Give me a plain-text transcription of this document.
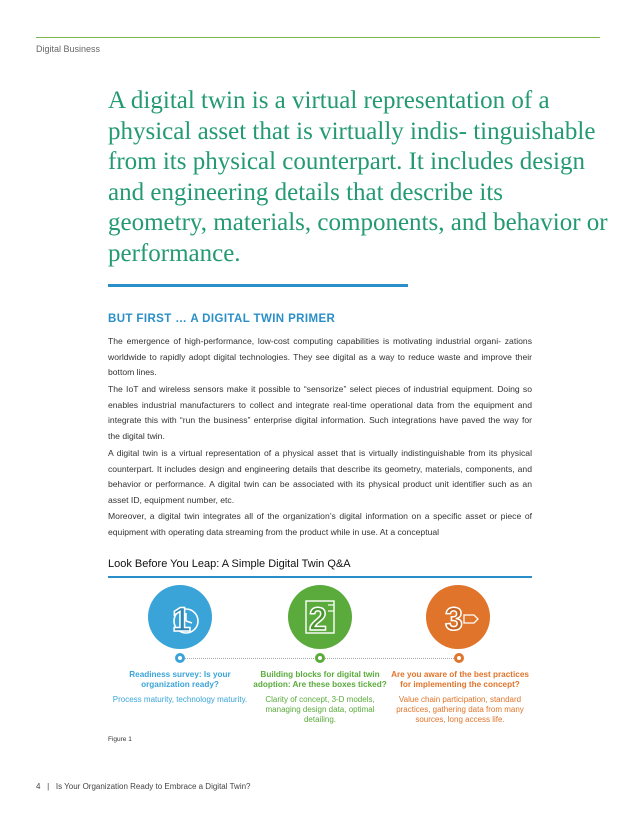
Digital Business
A digital twin is a virtual representation of a physical asset that is virtually indis- tinguishable from its physical counterpart. It includes design and engineering details that describe its geometry, materials, components, and behavior or performance.
BUT FIRST … A DIGITAL TWIN PRIMER

The emergence of high-performance, low-cost computing capabilities is motivating industrial organi- zations worldwide to rapidly adopt digital technologies. They see digital as a way to reduce waste and improve their bottom lines.

The IoT and wireless sensors make it possible to “sensorize” select pieces of industrial equipment. Doing so enables industrial manufacturers to collect and integrate real-time operational data from the equipment and integrate this with “run the business” enterprise digital information. Such integrations have paved the way for the digital twin.

A digital twin is a virtual representation of a physical asset that is virtually indistinguishable from its physical counterpart. It includes design and engineering details that describe its geometry, materials, components, and behavior or performance. A digital twin can be associated with its physical product unit identifier such as an asset ID, equipment number, etc.

Moreover, a digital twin integrates all of the organization’s digital information on a specific asset or piece of equipment with operating data streaming from the product while in use. At a conceptual

Look Before You Leap: A Simple Digital Twin Q&A
1	2	3
Readiness survey: Is your organization ready?
Process maturity, technology maturity.
Building blocks for digital twin adoption: Are these boxes ticked?
Clarity of concept, 3-D models, managing design data, optimal detailing.
Are you aware of the best practices for implementing the concept?
Value chain participation, standard practices, gathering data from many sources, long access life.
Figure 1
4 | Is Your Organization Ready to Embrace a Digital Twin?
